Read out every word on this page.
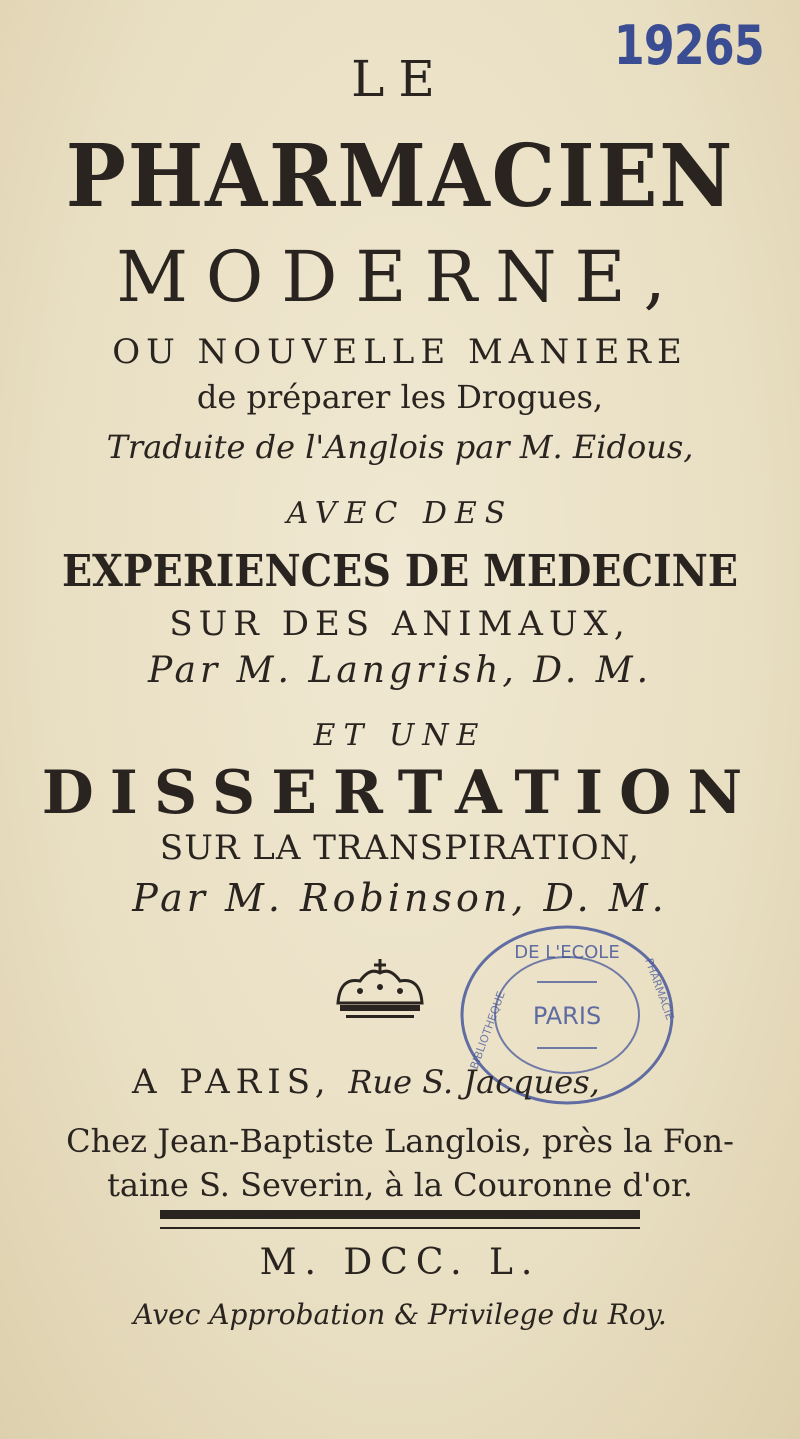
19265
LE
PHARMACIEN
MODERNE,
OU NOUVELLE MANIERE
de préparer les Drogues,
Traduite de l'Anglois par M. Eidous,
AVEC DES
EXPERIENCES DE MEDECINE
SUR DES ANIMAUX,
Par M. Langrish, D. M.
ET UNE
DISSERTATION
SUR LA TRANSPIRATION,
Par M. Robinson, D. M.
DE L'ECOLE
PARIS
BIBLIOTHEQUE
PHARMACIE
A PARIS, Rue S. Jacques,
Chez Jean-Baptiste Langlois, près la Fon-
taine S. Severin, à la Couronne d'or.
M. DCC. L.
Avec Approbation & Privilege du Roy.
